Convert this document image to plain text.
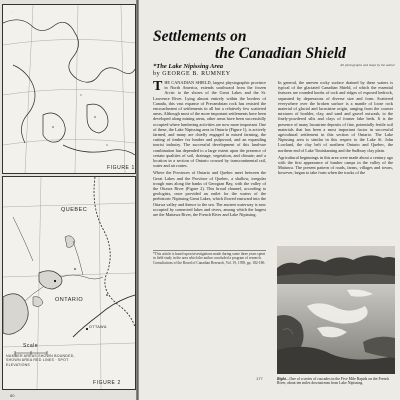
..
FIGURE 1
QUEBEC
ONTARIO
OTTAWA
Scale
FIGURE 2
NUMBER AREAS SHOWN BOUNDED, SHOWN AREA RED LINES · SPOT ELEVATIONS
80
Settlements on
the Canadian Shield
*The Lake Nipissing Area	All photographs and maps by the author
by GEORGE B. RUMNEY

THE CANADIAN SHIELD, largest physiographic province in North America, extends southward from the frozen Arctic to the shores of the Great Lakes and the St. Lawrence River. Lying almost entirely within the borders of Canada, this vast expanse of Precambrian rock has resisted the encroachment of settlements in all but a relatively few scattered areas. Although most of the more important settlements have been developed along mining areas, other areas have been successfully occupied where lumbering activities are now more important. One of these, the Lake Nipissing area in Ontario (Figure 1), is actively farmed, and many are chiefly engaged in mixed farming, the cutting of timber for lumber and pulpwood, and an expanding tourist industry. The successful development of this land-use combination has depended to a large extent upon the presence of certain qualities of soil, drainage, vegetation, and climate; and a location in a section of Ontario crossed by transcontinental rail, water and air routes.

Where the Provinces of Ontario and Quebec meet between the Great Lakes and the Province of Quebec, a shallow, irregular trough runs along the banks of Georgian Bay, with the valley of the Ottawa River (Figure 2). This broad channel, according to geologists, once provided an outlet for the waters of the prehistoric Nipissing Great Lakes, which flowed eastward into the Ottawa valley and thence to the sea. The ancient waterway is now occupied by connected lakes and rivers, among which the largest are the Mattawa River, the French River and Lake Nipissing.

*This article is based upon investigations made during some three years spent in field study in the area which the author concluded a program of research. Consultations of the Board of Canadian Research, Vol. 19, 1958, pp. 182-186.
177

In general, the uneven rocky surface drained by these waters is typical of the glaciated Canadian Shield, of which the essential features are rounded knobs of rock and ridges of exposed bedrock, separated by depressions of diverse size and form. Scattered everywhere over the broken surface is a mantle of loose rock material of glacial and lacustrine origin, ranging from the coarser mixtures of boulder, clay, and sand and gravel outwash, to the finely-powdered silts and clays of former lake beds. It is the presence of many lacustrine deposits of fine, potentially fertile soil materials that has been a most important factor in successful agricultural settlement in this section of Ontario. The Lake Nipissing area is similar in this respect to the Lake St. John Lowland, the clay belt of northern Ontario and Quebec, the northern end of Lake Timiskaming and the Sudbury clay plain.

Agricultural beginnings in this area were made about a century ago with the first appearance of lumber camps in the valley of the Mattawa. The present pattern of roads, farms, villages and towns, however, began to take form when the tracks of the

Right—One of a series of cascades in the Five Mile Rapids on the French River, about ten miles downstream from Lake Nipissing.
